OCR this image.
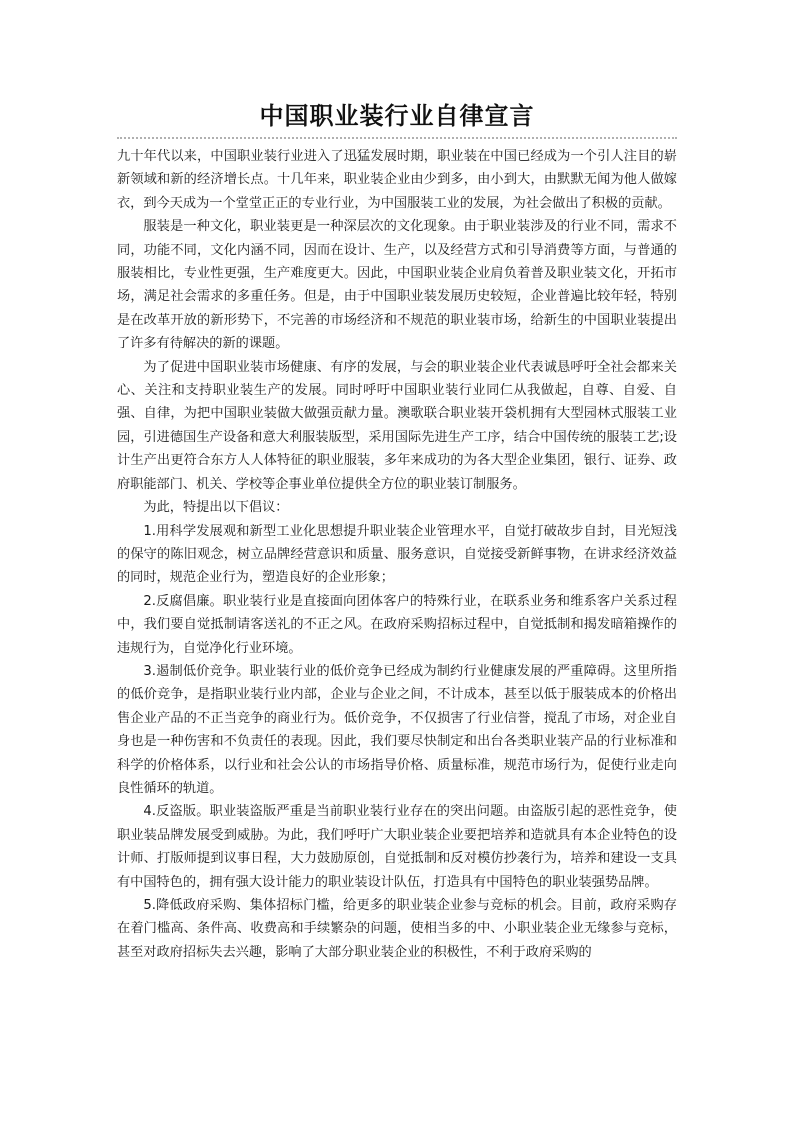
中国职业装行业自律宣言

九十年代以来，中国职业装行业进入了迅猛发展时期，职业装在中国已经成为一个引人注目的崭新领域和新的经济增长点。十几年来，职业装企业由少到多，由小到大，由默默无闻为他人做嫁衣，到今天成为一个堂堂正正的专业行业，为中国服装工业的发展，为社会做出了积极的贡献。

服装是一种文化，职业装更是一种深层次的文化现象。由于职业装涉及的行业不同，需求不同，功能不同，文化内涵不同，因而在设计、生产，以及经营方式和引导消费等方面，与普通的服装相比，专业性更强，生产难度更大。因此，中国职业装企业肩负着普及职业装文化，开拓市场，满足社会需求的多重任务。但是，由于中国职业装发展历史较短，企业普遍比较年轻，特别是在改革开放的新形势下，不完善的市场经济和不规范的职业装市场，给新生的中国职业装提出了许多有待解决的新的课题。

为了促进中国职业装市场健康、有序的发展，与会的职业装企业代表诚恳呼吁全社会都来关心、关注和支持职业装生产的发展。同时呼吁中国职业装行业同仁从我做起，自尊、自爱、自强、自律，为把中国职业装做大做强贡献力量。澳歌联合职业装开袋机拥有大型园林式服装工业园，引进德国生产设备和意大利服装版型，采用国际先进生产工序，结合中国传统的服装工艺;设计生产出更符合东方人人体特征的职业服装，多年来成功的为各大型企业集团，银行、证券、政府职能部门、机关、学校等企事业单位提供全方位的职业装订制服务。

为此，特提出以下倡议：

1.用科学发展观和新型工业化思想提升职业装企业管理水平，自觉打破故步自封，目光短浅的保守的陈旧观念，树立品牌经营意识和质量、服务意识，自觉接受新鲜事物，在讲求经济效益的同时，规范企业行为，塑造良好的企业形象；

2.反腐倡廉。职业装行业是直接面向团体客户的特殊行业，在联系业务和维系客户关系过程中，我们要自觉抵制请客送礼的不正之风。在政府采购招标过程中，自觉抵制和揭发暗箱操作的违规行为，自觉净化行业环境。

3.遏制低价竞争。职业装行业的低价竞争已经成为制约行业健康发展的严重障碍。这里所指的低价竞争，是指职业装行业内部，企业与企业之间，不计成本，甚至以低于服装成本的价格出售企业产品的不正当竞争的商业行为。低价竞争，不仅损害了行业信誉，搅乱了市场，对企业自身也是一种伤害和不负责任的表现。因此，我们要尽快制定和出台各类职业装产品的行业标准和科学的价格体系，以行业和社会公认的市场指导价格、质量标准，规范市场行为，促使行业走向良性循环的轨道。

4.反盗版。职业装盗版严重是当前职业装行业存在的突出问题。由盗版引起的恶性竞争，使职业装品牌发展受到威胁。为此，我们呼吁广大职业装企业要把培养和造就具有本企业特色的设计师、打版师提到议事日程，大力鼓励原创，自觉抵制和反对模仿抄袭行为，培养和建设一支具有中国特色的，拥有强大设计能力的职业装设计队伍，打造具有中国特色的职业装强势品牌。

5.降低政府采购、集体招标门槛，给更多的职业装企业参与竞标的机会。目前，政府采购存在着门槛高、条件高、收费高和手续繁杂的问题，使相当多的中、小职业装企业无缘参与竞标，甚至对政府招标失去兴趣，影响了大部分职业装企业的积极性，不利于政府采购的
